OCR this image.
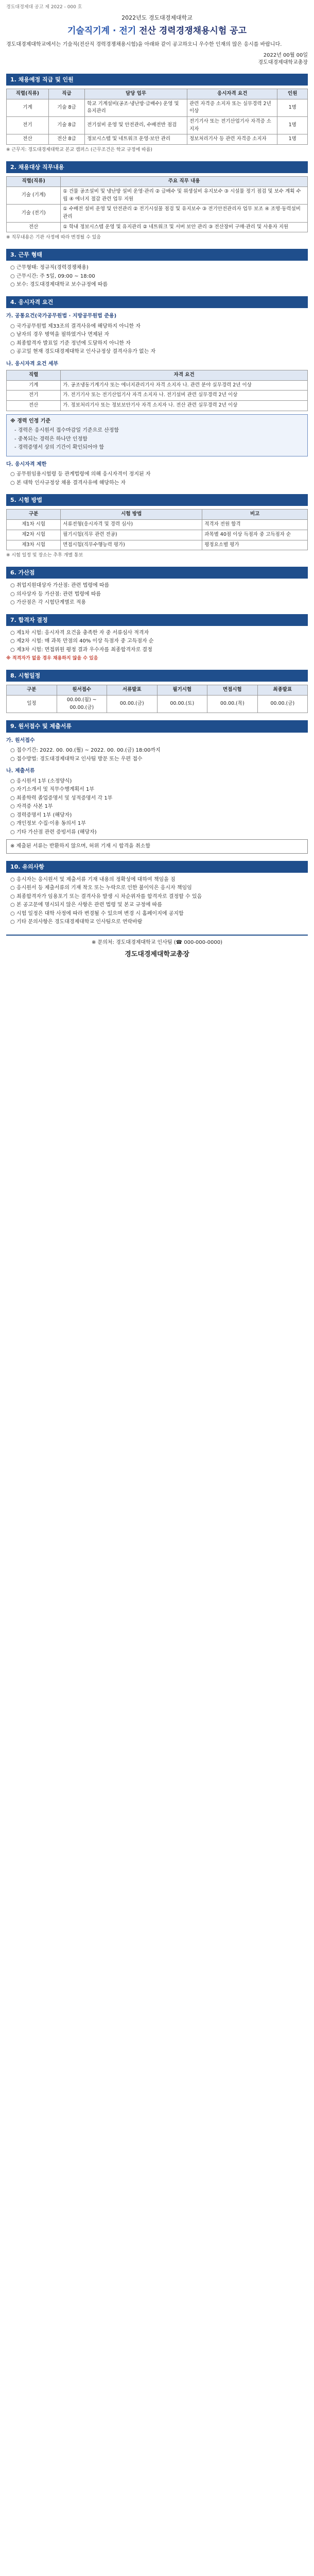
경도대경제대 공고 제 2022 - 000 호
2022년도 경도대경제대학교
기술직기계 · 전기 전산 경력경쟁채용시험 공고

경도대경제대학교에서는 기술직(전산직 경력경쟁채용시험)을 아래와 같이 공고하오니 우수한 인재의 많은 응시를 바랍니다.

2022년 00월 00일
경도대경제대학교총장
1. 채용예정 직급 및 인원
직렬(직류)	직급	담당 업무	응시자격 요건	인원
기계	기술 8급	학교 기계설비(공조·냉난방·급배수) 운영 및 유지관리	관련 자격증 소지자 또는 실무경력 2년 이상	1명
전기	기술 8급	전기설비 운영 및 안전관리, 수배전반 점검	전기기사 또는 전기산업기사 자격증 소지자	1명
전산	전산 8급	정보시스템 및 네트워크 운영·보안 관리	정보처리기사 등 관련 자격증 소지자	1명
※ 근무지: 경도대경제대학교 본교 캠퍼스 (근무조건은 학교 규정에 따름)
2. 채용대상 직무내용
직렬(직류)	주요 직무 내용
기술 (기계)	① 건물 공조설비 및 냉난방 설비 운영·관리 ② 급배수 및 위생설비 유지보수 ③ 시설물 정기 점검 및 보수 계획 수립 ④ 에너지 절감 관련 업무 지원
기술 (전기)	① 수배전 설비 운영 및 안전관리 ② 전기시설물 점검 및 유지보수 ③ 전기안전관리자 업무 보조 ④ 조명·동력설비 관리
전산	① 학내 정보시스템 운영 및 유지관리 ② 네트워크 및 서버 보안 관리 ③ 전산장비 구매·관리 및 사용자 지원
※ 직무내용은 기관 사정에 따라 변경될 수 있음
3. 근무 형태
○ 근무형태: 정규직(경력경쟁채용)
○ 근무시간: 주 5일, 09:00 ~ 18:00
○ 보수: 경도대경제대학교 보수규정에 따름
4. 응시자격 요건
가. 공통요건(국가공무원법 · 지방공무원법 준용)
○ 국가공무원법 제33조의 결격사유에 해당하지 아니한 자
○ 남자의 경우 병역을 필하였거나 면제된 자
○ 최종합격자 발표일 기준 정년에 도달하지 아니한 자
○ 공고일 현재 경도대경제대학교 인사규정상 결격사유가 없는 자
나. 응시자격 요건 세부
직렬	자격 요건
기계	가. 공조냉동기계기사 또는 에너지관리기사 자격 소지자 나. 관련 분야 실무경력 2년 이상
전기	가. 전기기사 또는 전기산업기사 자격 소지자 나. 전기설비 관련 실무경력 2년 이상
전산	가. 정보처리기사 또는 정보보안기사 자격 소지자 나. 전산 관련 실무경력 2년 이상
※ 경력 인정 기준
- 경력은 응시원서 접수마감일 기준으로 산정함
- 중복되는 경력은 하나만 인정함
- 경력증명서 상의 기간이 확인되어야 함
다. 응시자격 제한
○ 공무원임용시험령 등 관계법령에 의해 응시자격이 정지된 자
○ 본 대학 인사규정상 채용 결격사유에 해당하는 자
5. 시험 방법
구분	시험 방법	비고
제1차 시험	서류전형(응시자격 및 경력 심사)	적격자 전원 합격
제2차 시험	필기시험(직무 관련 전공)	과목별 40점 이상 득점자 중 고득점자 순
제3차 시험	면접시험(직무수행능력 평가)	평정요소별 평가
※ 시험 일정 및 장소는 추후 개별 통보
6. 가산점
○ 취업지원대상자 가산점: 관련 법령에 따름
○ 의사상자 등 가산점: 관련 법령에 따름
○ 가산점은 각 시험단계별로 적용
7. 합격자 결정
○ 제1차 시험: 응시자격 요건을 충족한 자 중 서류심사 적격자
○ 제2차 시험: 매 과목 만점의 40% 이상 득점자 중 고득점자 순
○ 제3차 시험: 면접위원 평정 결과 우수자를 최종합격자로 결정
※ 적격자가 없을 경우 채용하지 않을 수 있음
8. 시험일정
구분	원서접수	서류발표	필기시험	면접시험	최종발표
일정	00.00.(월) ~ 00.00.(금)	00.00.(금)	00.00.(토)	00.00.(목)	00.00.(금)
9. 원서접수 및 제출서류
가. 원서접수
○ 접수기간: 2022. 00. 00.(월) ~ 2022. 00. 00.(금) 18:00까지
○ 접수방법: 경도대경제대학교 인사팀 방문 또는 우편 접수
나. 제출서류
○ 응시원서 1부 (소정양식)
○ 자기소개서 및 직무수행계획서 1부
○ 최종학력 졸업증명서 및 성적증명서 각 1부
○ 자격증 사본 1부
○ 경력증명서 1부 (해당자)
○ 개인정보 수집·이용 동의서 1부
○ 기타 가산점 관련 증빙서류 (해당자)
※ 제출된 서류는 반환하지 않으며, 허위 기재 시 합격을 취소함
10. 유의사항
○ 응시자는 응시원서 및 제출서류 기재 내용의 정확성에 대하여 책임을 짐
○ 응시원서 등 제출서류의 기재 착오 또는 누락으로 인한 불이익은 응시자 책임임
○ 최종합격자가 임용포기 또는 결격사유 발생 시 차순위자를 합격자로 결정할 수 있음
○ 본 공고문에 명시되지 않은 사항은 관련 법령 및 본교 규정에 따름
○ 시험 일정은 대학 사정에 따라 변경될 수 있으며 변경 시 홈페이지에 공지함
○ 기타 문의사항은 경도대경제대학교 인사팀으로 연락바람
※ 문의처: 경도대경제대학교 인사팀 (☎ 000-000-0000)
경도대경제대학교총장
